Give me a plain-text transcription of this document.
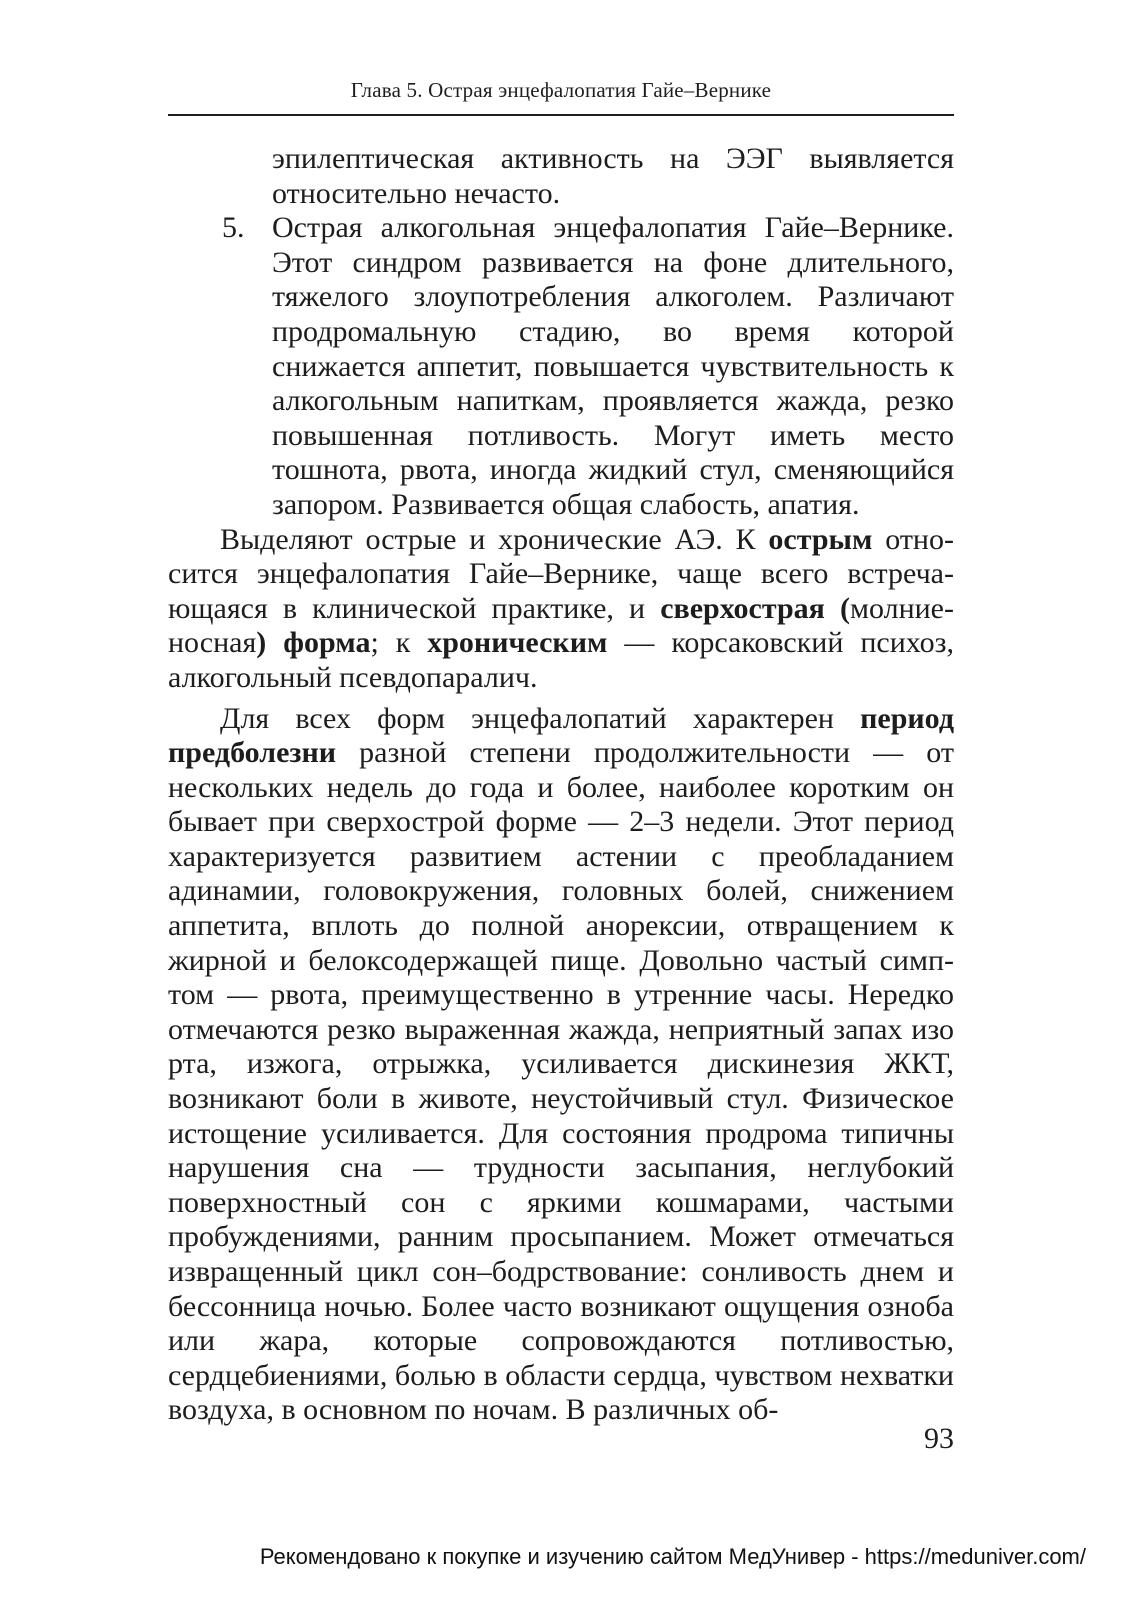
Глава 5. Острая энцефалопатия Гайе–Вернике

эпилептическая активность на ЭЭГ выявляется относительно нечасто.

5. Острая алкогольная энцефалопатия Гайе–Вернике. Этот синдром развивается на фоне длительного, тяжелого злоупотребления алкоголем. Различают продромальную стадию, во время которой снижается аппетит, повышается чувствительность к алкогольным напиткам, проявляется жажда, резко повышенная потливость. Могут иметь место тошнота, рвота, иногда жидкий стул, сменяющийся запором. Развивается общая слабость, апатия.

Выделяют острые и хронические АЭ. К острым относится энцефалопатия Гайе–Вернике, чаще всего встречающаяся в клинической практике, и сверхострая (молниеносная) форма; к хроническим — корсаковский психоз, алкогольный псевдопаралич.

Для всех форм энцефалопатий характерен период предболезни разной степени продолжительности — от нескольких недель до года и более, наиболее коротким он бывает при сверхострой форме — 2–3 недели. Этот период характеризуется развитием астении с преобладанием адинамии, головокружения, головных болей, снижением аппетита, вплоть до полной анорексии, отвращением к жирной и белоксодержащей пище. Довольно частый симптом — рвота, преимущественно в утренние часы. Нередко отмечаются резко выраженная жажда, неприятный запах изо рта, изжога, отрыжка, усиливается дискинезия ЖКТ, возникают боли в животе, неустойчивый стул. Физическое истощение усиливается. Для состояния продрома типичны нарушения сна — трудности засыпания, неглубокий поверхностный сон с яркими кошмарами, частыми пробуждениями, ранним просыпанием. Может отмечаться извращенный цикл сон–бодрствование: сонливость днем и бессонница ночью. Более часто возникают ощущения озноба или жара, которые сопровождаются потливостью, сердцебиениями, болью в области сердца, чувством нехватки воздуха, в основном по ночам. В различных об-

93
Рекомендовано к покупке и изучению сайтом МедУнивер - https://meduniver.com/
